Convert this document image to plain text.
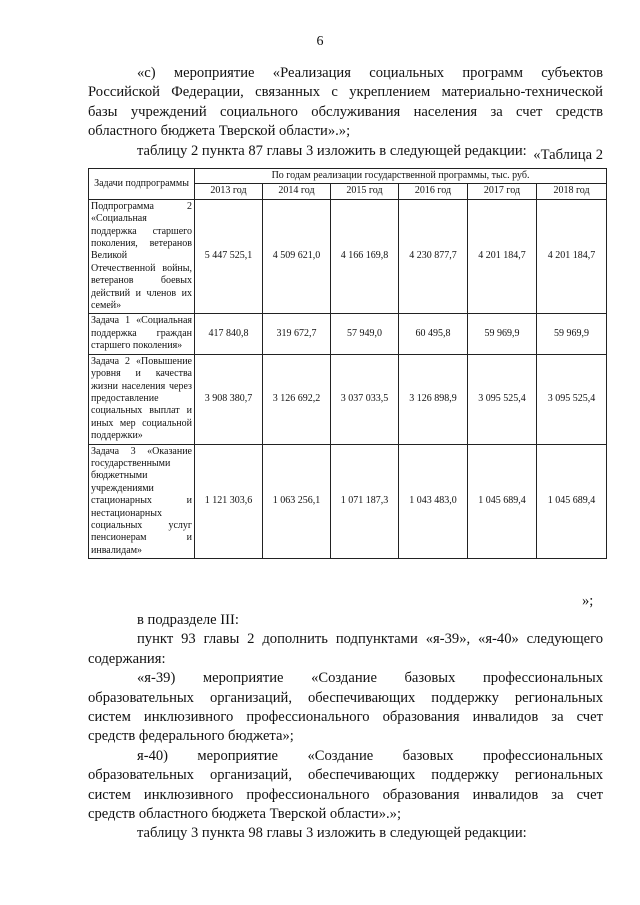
6
«с) мероприятие «Реализация социальных программ субъектов
Российской Федерации, связанных с укреплением материально-технической
базы учреждений социального обслуживания населения за счет средств
областного бюджета Тверской области».»;
таблицу 2 пункта 87 главы 3 изложить в следующей редакции: «Таблица 2
Задачи подпрограммы	По годам реализации государственной программы, тыс. руб.					
	2013 год	2014 год	2015 год	2016 год	2017 год	2018 год
Подпрограмма 2 «Социальная поддержка старшего поколения, ветеранов Великой Отечественной войны, ветеранов боевых действий и членов их семей»	5 447 525,1	4 509 621,0	4 166 169,8	4 230 877,7	4 201 184,7	4 201 184,7
Задача 1 «Социальная поддержка граждан старшего поколения»	417 840,8	319 672,7	57 949,0	60 495,8	59 969,9	59 969,9
Задача 2 «Повышение уровня и качества жизни населения через предоставление социальных выплат и иных мер социальной поддержки»	3 908 380,7	3 126 692,2	3 037 033,5	3 126 898,9	3 095 525,4	3 095 525,4
Задача 3 «Оказание государственными бюджетными учреждениями стационарных и нестационарных социальных услуг пенсионерам и инвалидам»	1 121 303,6	1 063 256,1	1 071 187,3	1 043 483,0	1 045 689,4	1 045 689,4
»;
в подразделе III:
пункт 93 главы 2 дополнить подпунктами «я-39», «я-40» следующего
содержания:
«я-39) мероприятие «Создание базовых профессиональных
образовательных организаций, обеспечивающих поддержку региональных
систем инклюзивного профессионального образования инвалидов за счет
средств федерального бюджета»;
я-40) мероприятие «Создание базовых профессиональных
образовательных организаций, обеспечивающих поддержку региональных
систем инклюзивного профессионального образования инвалидов за счет
средств областного бюджета Тверской области».»;
таблицу 3 пункта 98 главы 3 изложить в следующей редакции:
